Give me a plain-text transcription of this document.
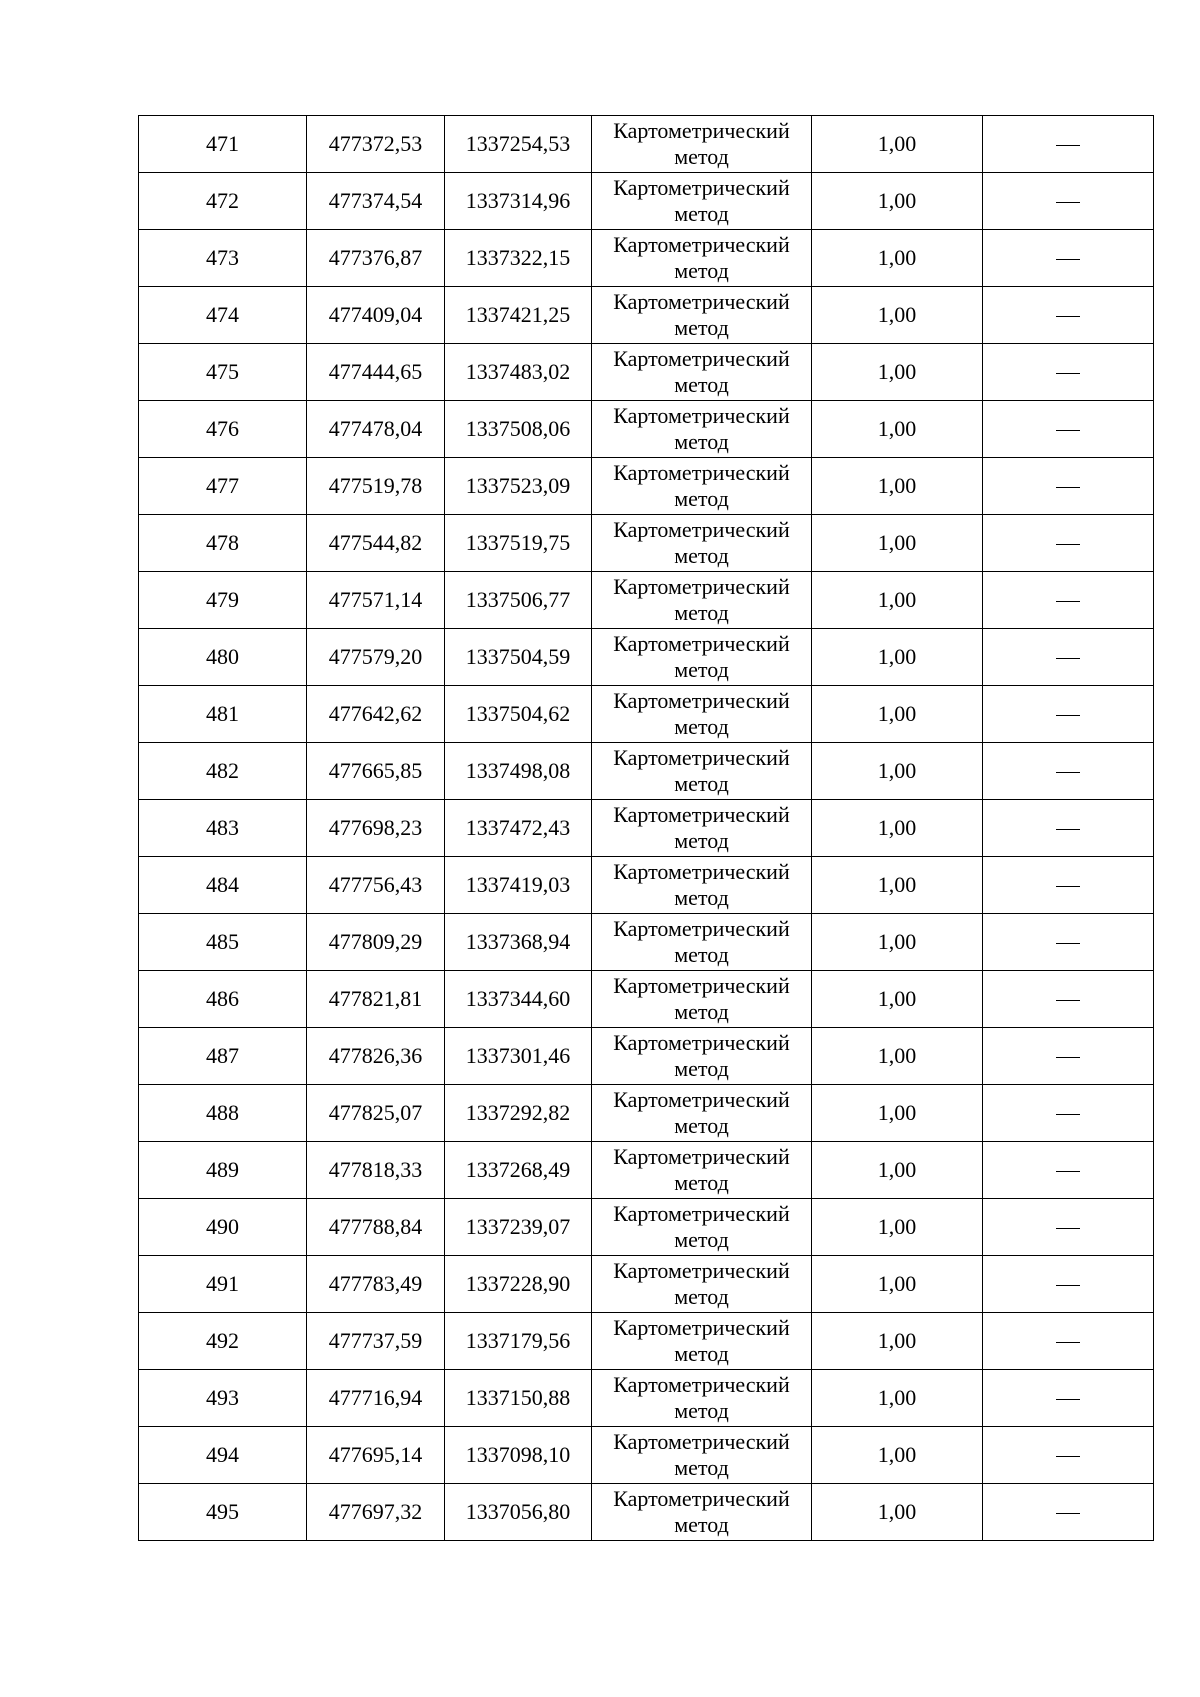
471	477372,53	1337254,53	Картометрический метод	1,00	
472	477374,54	1337314,96	Картометрический метод	1,00	
473	477376,87	1337322,15	Картометрический метод	1,00	
474	477409,04	1337421,25	Картометрический метод	1,00	
475	477444,65	1337483,02	Картометрический метод	1,00	
476	477478,04	1337508,06	Картометрический метод	1,00	
477	477519,78	1337523,09	Картометрический метод	1,00	
478	477544,82	1337519,75	Картометрический метод	1,00	
479	477571,14	1337506,77	Картометрический метод	1,00	
480	477579,20	1337504,59	Картометрический метод	1,00	
481	477642,62	1337504,62	Картометрический метод	1,00	
482	477665,85	1337498,08	Картометрический метод	1,00	
483	477698,23	1337472,43	Картометрический метод	1,00	
484	477756,43	1337419,03	Картометрический метод	1,00	
485	477809,29	1337368,94	Картометрический метод	1,00	
486	477821,81	1337344,60	Картометрический метод	1,00	
487	477826,36	1337301,46	Картометрический метод	1,00	
488	477825,07	1337292,82	Картометрический метод	1,00	
489	477818,33	1337268,49	Картометрический метод	1,00	
490	477788,84	1337239,07	Картометрический метод	1,00	
491	477783,49	1337228,90	Картометрический метод	1,00	
492	477737,59	1337179,56	Картометрический метод	1,00	
493	477716,94	1337150,88	Картометрический метод	1,00	
494	477695,14	1337098,10	Картометрический метод	1,00	
495	477697,32	1337056,80	Картометрический метод	1,00	
